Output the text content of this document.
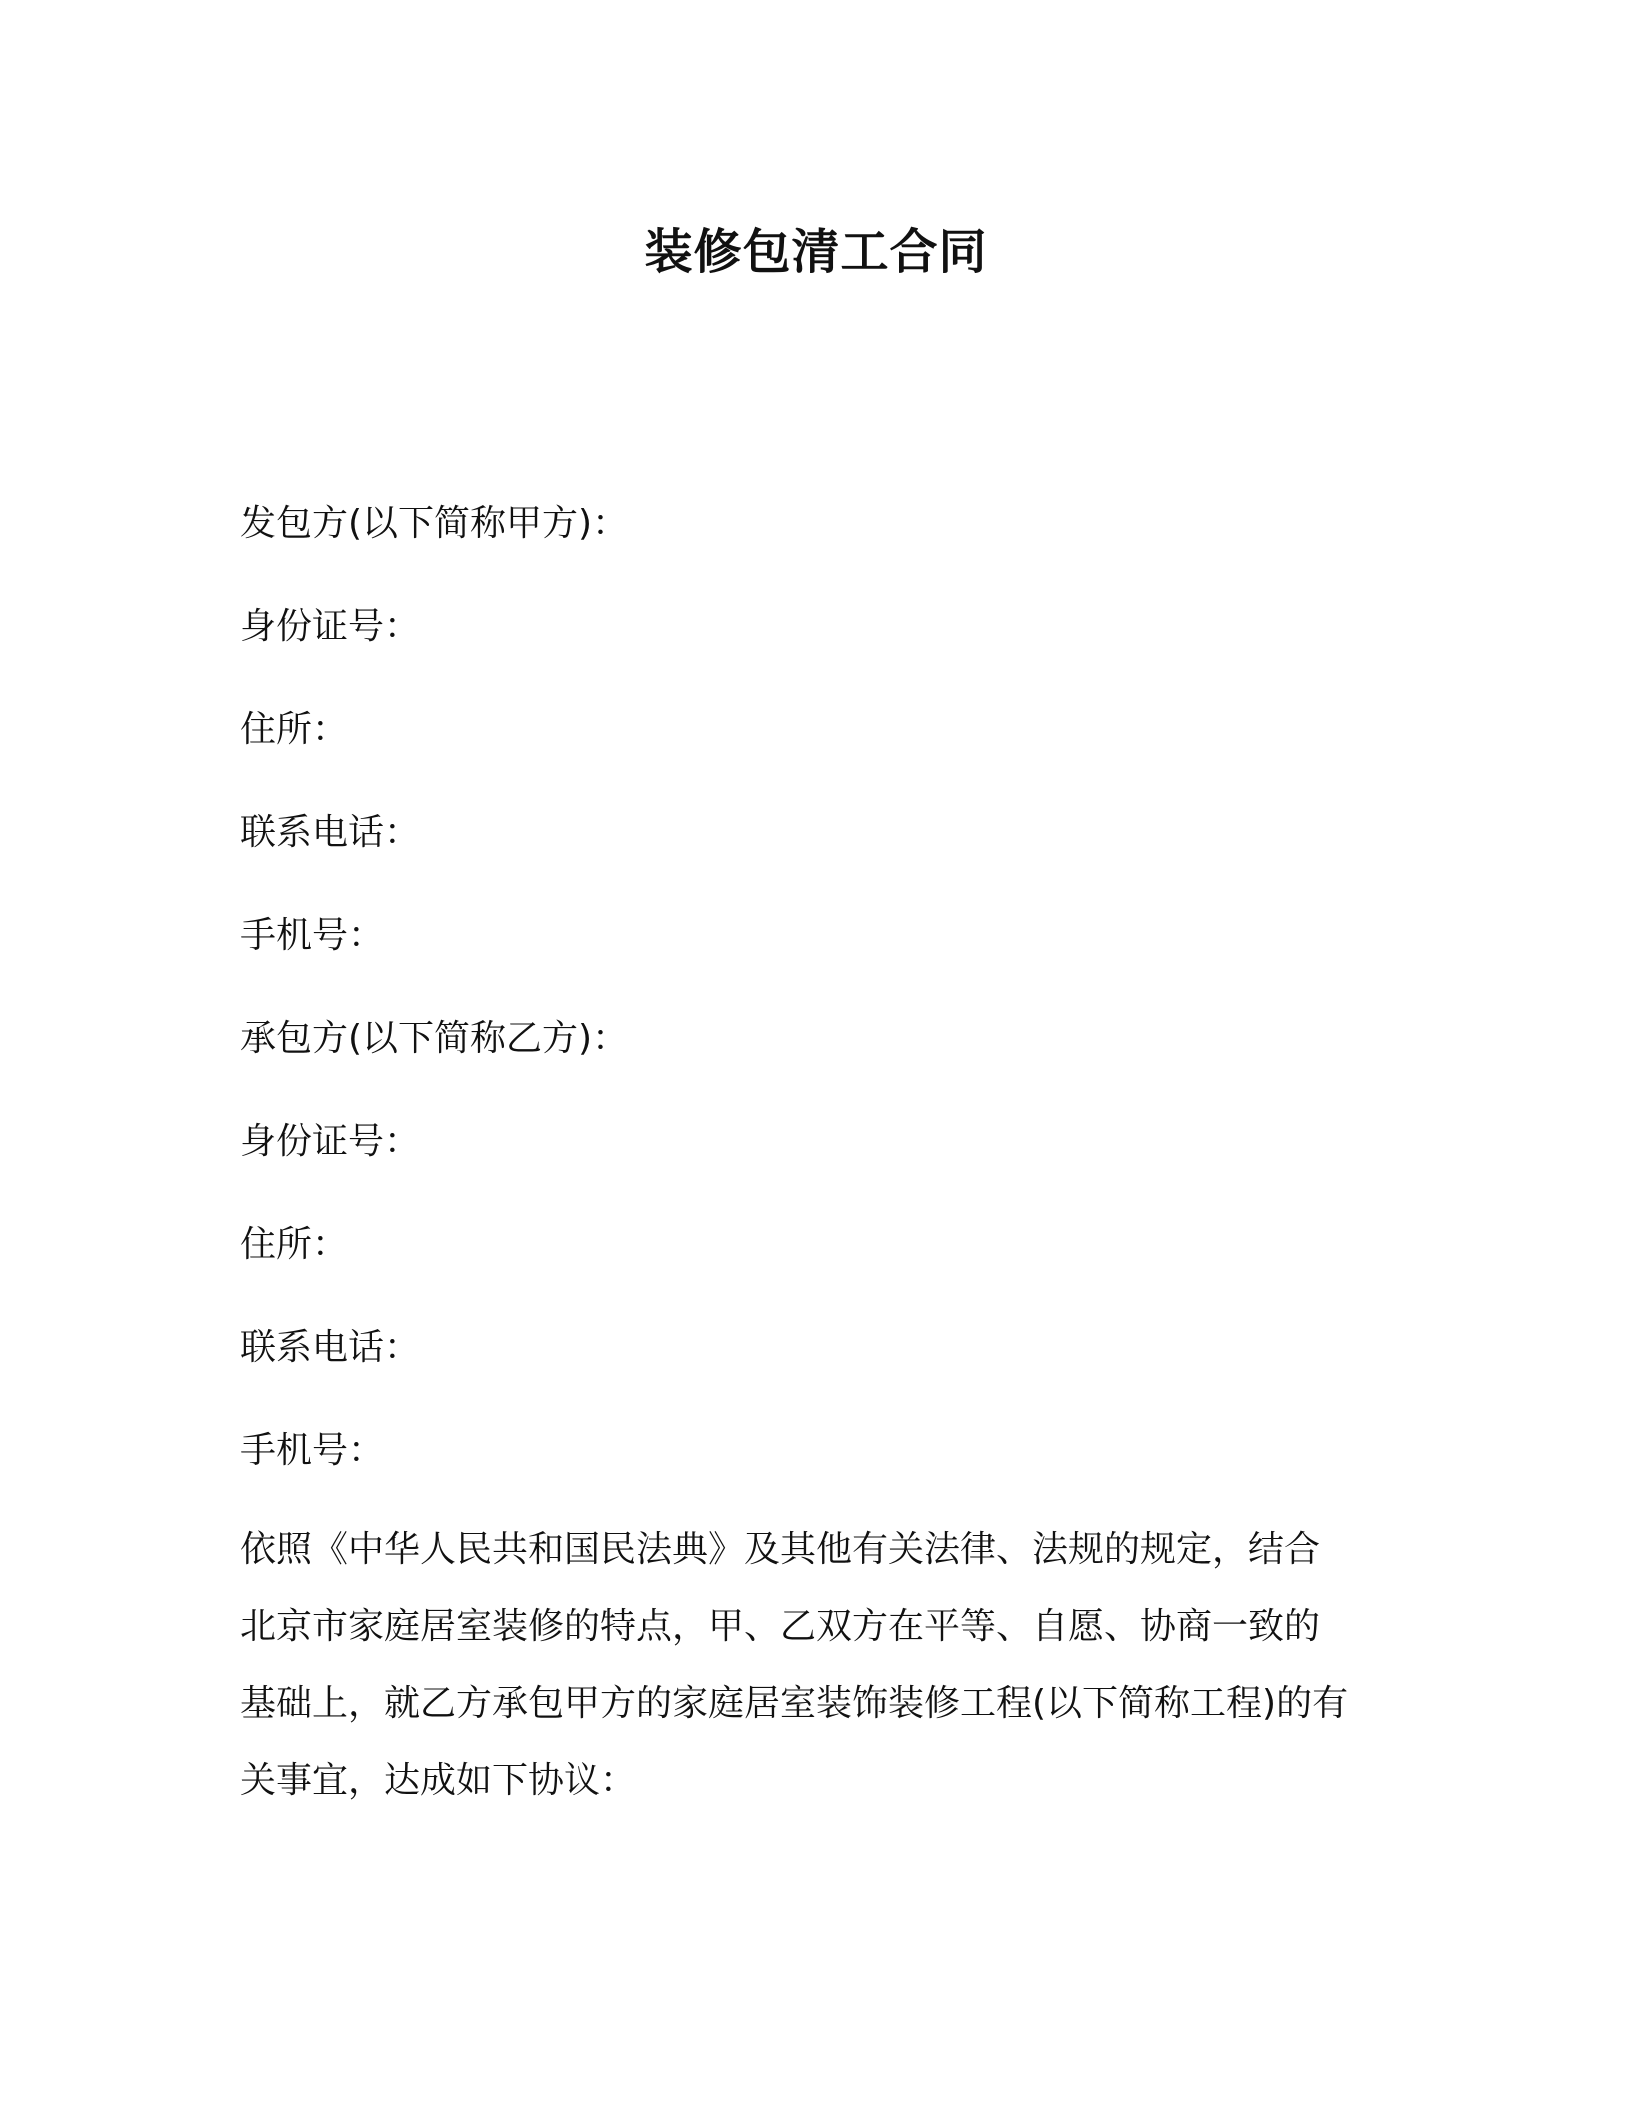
装修包清工合同
发包方(以下简称甲方)：
身份证号：
住所：
联系电话：
手机号：
承包方(以下简称乙方)：
身份证号：
住所：
联系电话：
手机号：
依照《中华人民共和国民法典》及其他有关法律、法规的规定，结合
北京市家庭居室装修的特点，甲、乙双方在平等、自愿、协商一致的
基础上，就乙方承包甲方的家庭居室装饰装修工程(以下简称工程)的有
关事宜，达成如下协议：
